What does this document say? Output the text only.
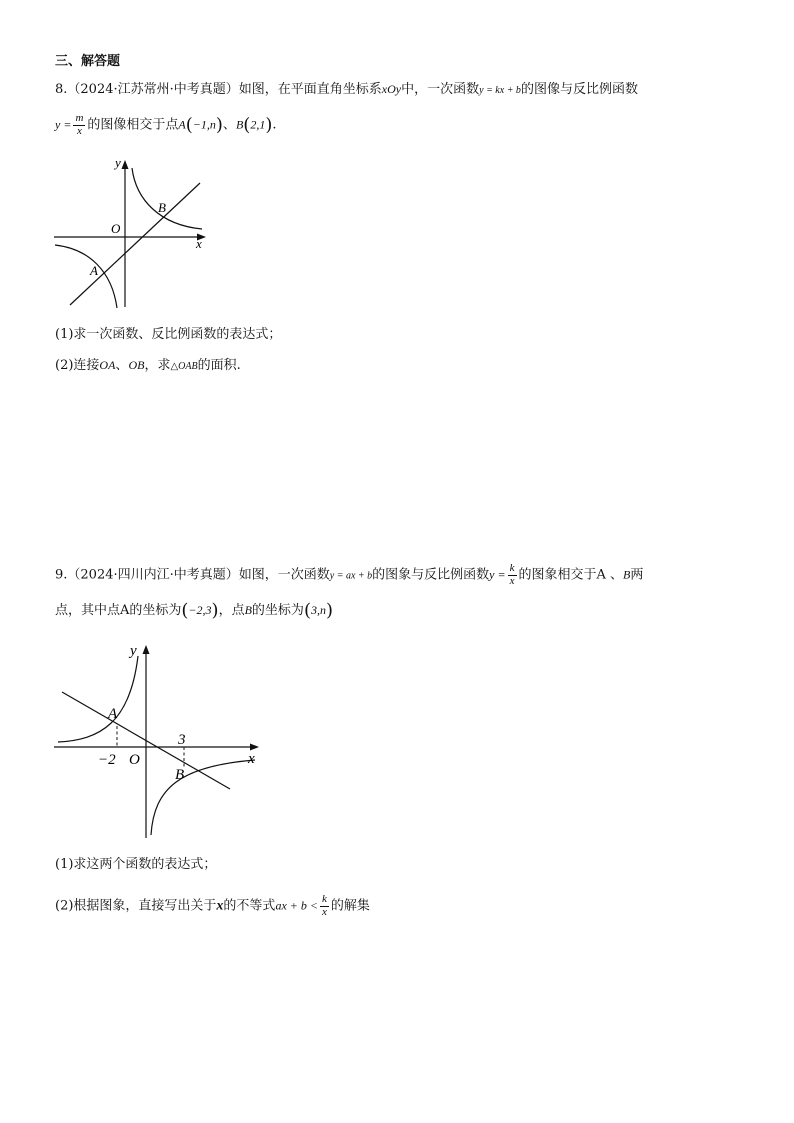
三、解答题
8.（2024·江苏常州·中考真题）如图，在平面直角坐标系xOy中，一次函数y = kx + b的图像与反比例函数
$y = \frac{m}{x}$ 的图像相交于点A(−1,n)、B(2,1).
y
x
O
A
B
(1)求一次函数、反比例函数的表达式；
(2)连接OA、OB，求△OAB的面积.
9.（2024·四川内江·中考真题）如图，一次函数y = ax + b的图象与反比例函数$y = \frac{k}{x}$ 的图象相交于A 、B两
点，其中点A的坐标为(−2,3)，点B的坐标为(3,n)
y
x
O
A
B
−2
3
(1)求这两个函数的表达式；
(2)根据图象，直接写出关于x的不等式ax + $b < \frac{k}{x}$ 的解集
